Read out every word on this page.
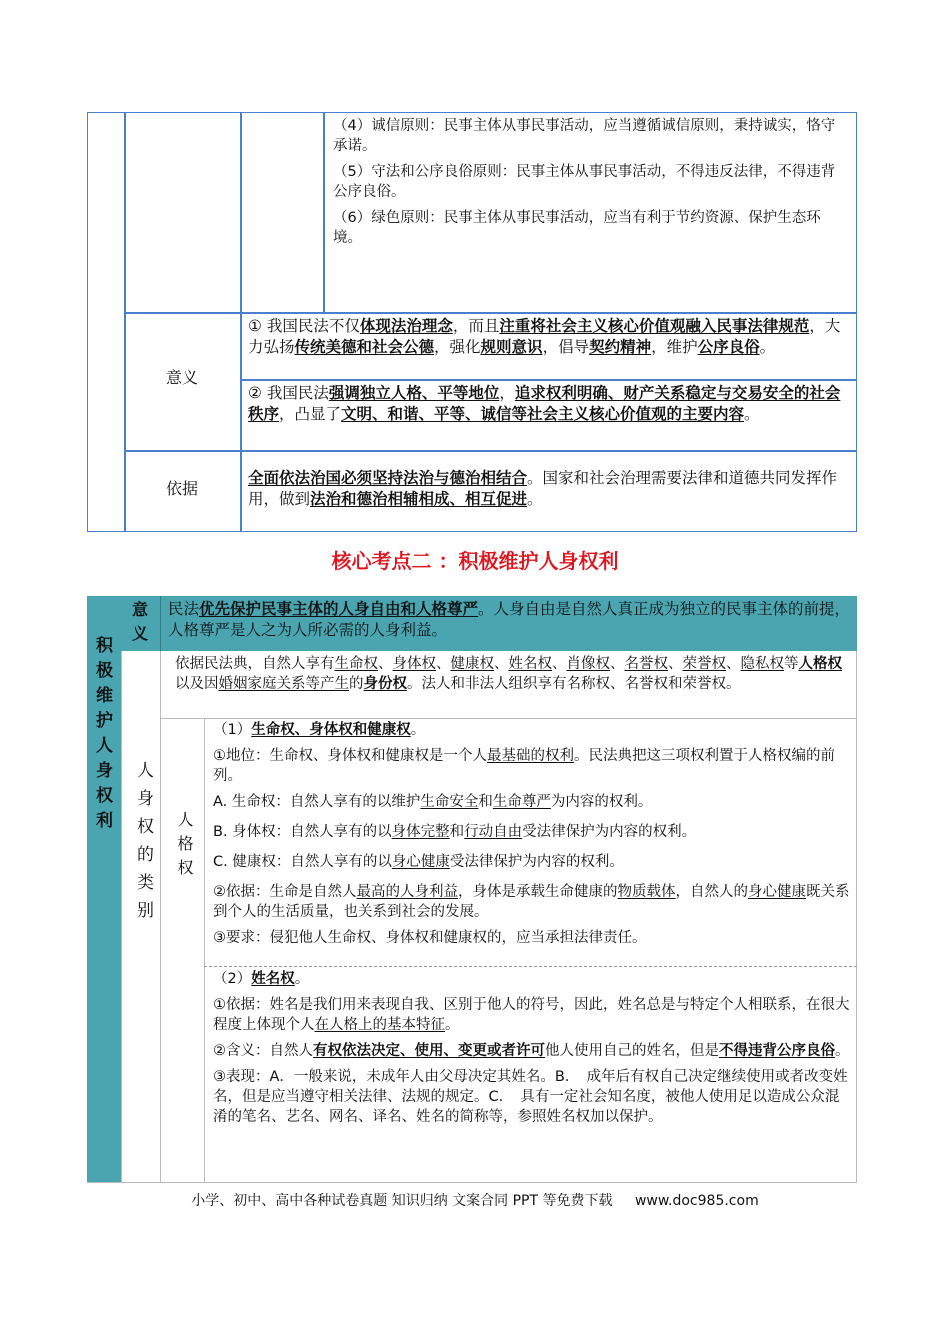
（4）诚信原则：民事主体从事民事活动，应当遵循诚信原则，秉持诚实，恪守承诺。

（5）守法和公序良俗原则：民事主体从事民事活动，不得违反法律，不得违背公序良俗。

（6）绿色原则：民事主体从事民事活动，应当有利于节约资源、保护生态环境。

意义
① 我国民法不仅体现法治理念，而且注重将社会主义核心价值观融入民事法律规范，大力弘扬传统美德和社会公德，强化规则意识，倡导契约精神，维护公序良俗。
② 我国民法强调独立人格、平等地位，追求权利明确、财产关系稳定与交易安全的社会秩序，凸显了文明、和谐、平等、诚信等社会主义核心价值观的主要内容。
依据
全面依法治国必须坚持法治与德治相结合。国家和社会治理需要法律和道德共同发挥作用，做到法治和德治相辅相成、相互促进。
核心考点二 ：积极维护人身权利
积极维护人身权利
意义
民法优先保护民事主体的人身自由和人格尊严。人身自由是自然人真正成为独立的民事主体的前提，人格尊严是人之为人所必需的人身利益。
人身权的类别
依据民法典，自然人享有生命权、身体权、健康权、姓名权、肖像权、名誉权、荣誉权、隐私权等人格权以及因婚姻家庭关系等产生的身份权。法人和非法人组织享有名称权、名誉权和荣誉权。
人格权

（1）生命权、身体权和健康权。

①地位：生命权、身体权和健康权是一个人最基础的权利。民法典把这三项权利置于人格权编的前列。

A. 生命权：自然人享有的以维护生命安全和生命尊严为内容的权利。

B. 身体权：自然人享有的以身体完整和行动自由受法律保护为内容的权利。

C. 健康权：自然人享有的以身心健康受法律保护为内容的权利。

②依据：生命是自然人最高的人身利益，身体是承载生命健康的物质载体，自然人的身心健康既关系到个人的生活质量，也关系到社会的发展。

③要求：侵犯他人生命权、身体权和健康权的，应当承担法律责任。

（2）姓名权。

①依据：姓名是我们用来表现自我、区别于他人的符号，因此，姓名总是与特定个人相联系，在很大程度上体现个人在人格上的基本特征。

②含义：自然人有权依法决定、使用、变更或者许可他人使用自己的姓名，但是不得违背公序良俗。

③表现：A．一般来说，未成年人由父母决定其姓名。B．　成年后有权自己决定继续使用或者改变姓名，但是应当遵守相关法律、法规的规定。C．　具有一定社会知名度，被他人使用足以造成公众混淆的笔名、艺名、网名、译名、姓名的简称等，参照姓名权加以保护。

小学、初中、高中各种试卷真题 知识归纳 文案合同 PPT 等免费下载 www.doc985.com
